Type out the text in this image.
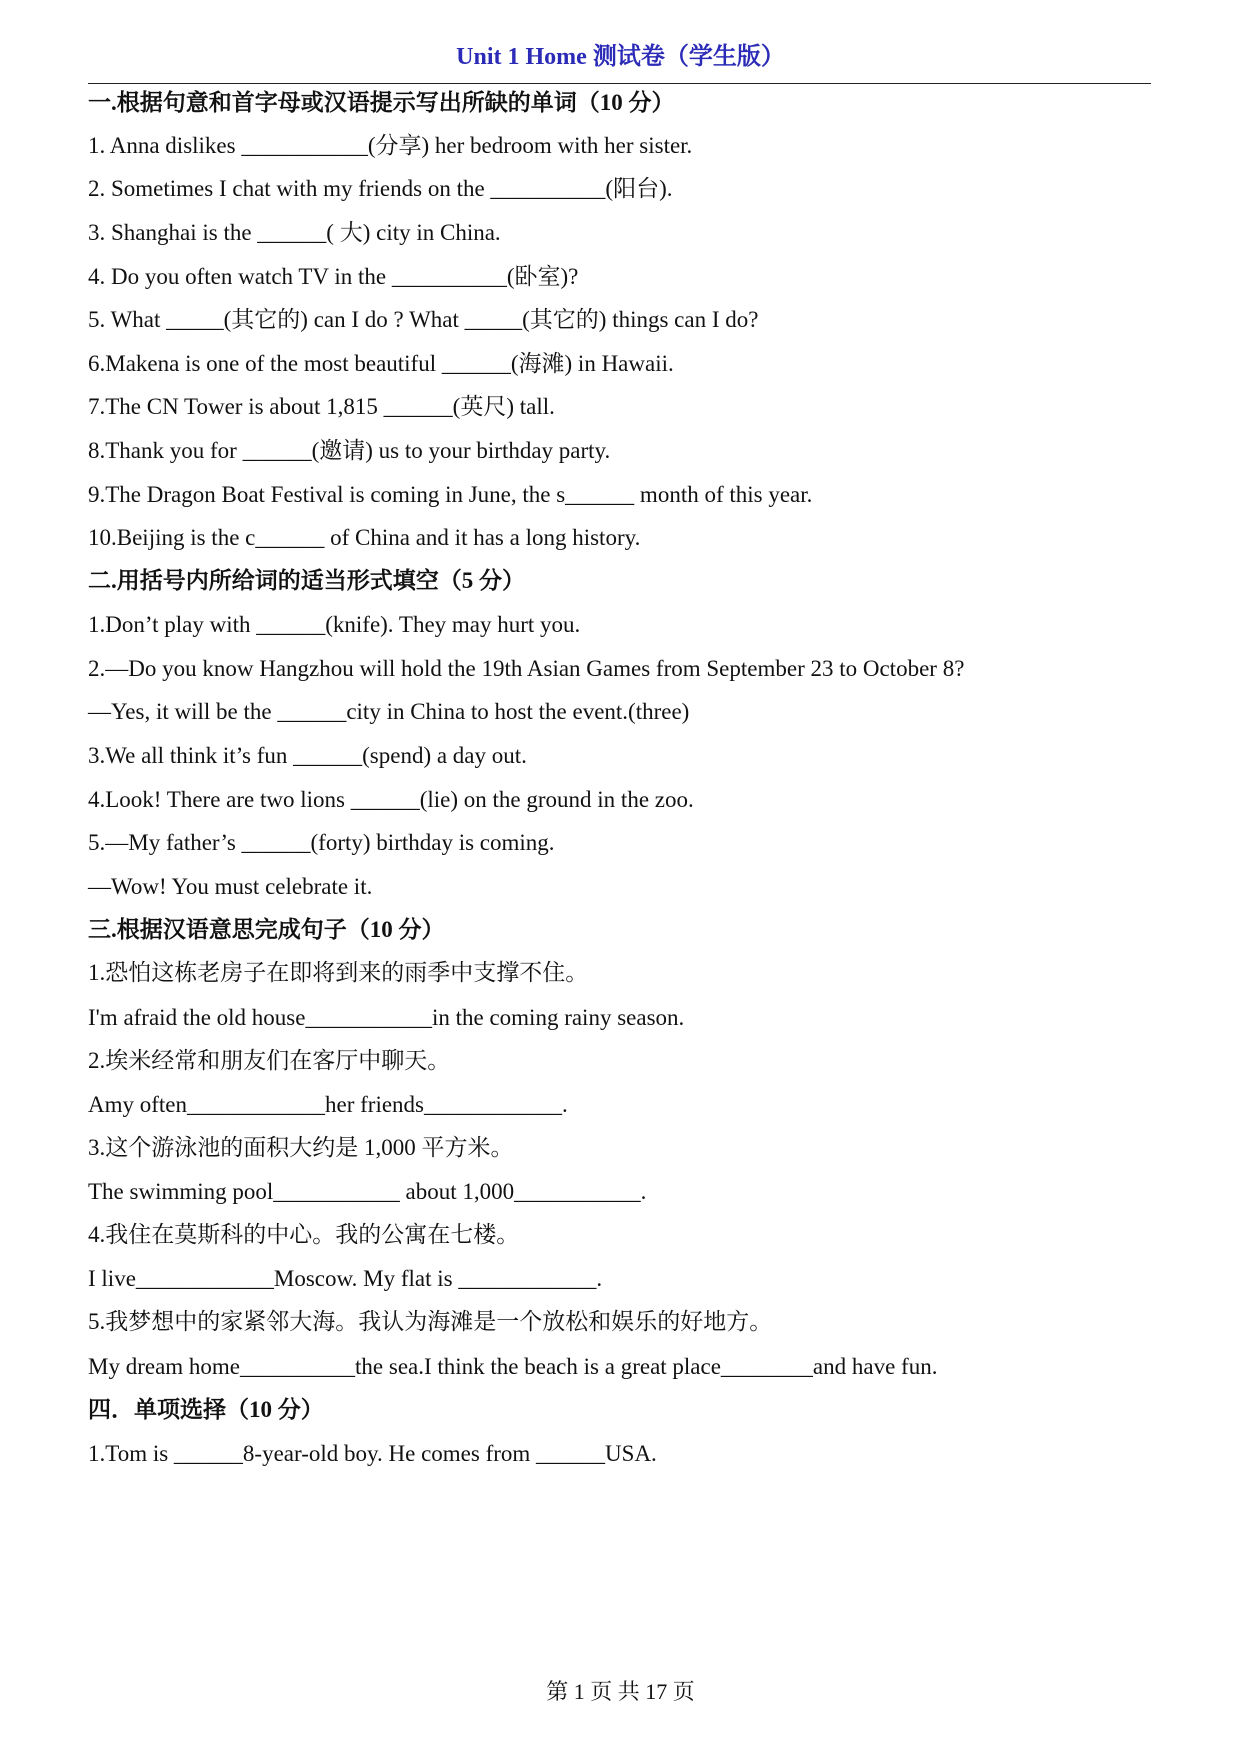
Unit 1 Home 测试卷（学生版）
一.根据句意和首字母或汉语提示写出所缺的单词（10 分）
1. Anna dislikes ___________(分享) her bedroom with her sister.
2. Sometimes I chat with my friends on the __________(阳台).
3. Shanghai is the ______( 大) city in China.
4. Do you often watch TV in the __________(卧室)?
5. What _____(其它的) can I do ? What _____(其它的) things can I do?
6.Makena is one of the most beautiful ______(海滩) in Hawaii.
7.The CN Tower is about 1,815 ______(英尺) tall.
8.Thank you for ______(邀请) us to your birthday party.
9.The Dragon Boat Festival is coming in June, the s______ month of this year.
10.Beijing is the c______ of China and it has a long history.
二.用括号内所给词的适当形式填空（5 分）
1.Don’t play with ______(knife). They may hurt you.
2.—Do you know Hangzhou will hold the 19th Asian Games from September 23 to October 8?
—Yes, it will be the ______city in China to host the event.(three)
3.We all think it’s fun ______(spend) a day out.
4.Look! There are two lions ______(lie) on the ground in the zoo.
5.—My father’s ______(forty) birthday is coming.
—Wow! You must celebrate it.
三.根据汉语意思完成句子（10 分）
1.恐怕这栋老房子在即将到来的雨季中支撑不住。
I'm afraid the old house___________in the coming rainy season.
2.埃米经常和朋友们在客厅中聊天。
Amy often____________her friends____________.
3.这个游泳池的面积大约是 1,000 平方米。
The swimming pool___________ about 1,000___________.
4.我住在莫斯科的中心。我的公寓在七楼。
I live____________Moscow. My flat is ____________.
5.我梦想中的家紧邻大海。我认为海滩是一个放松和娱乐的好地方。
My dream home__________the sea.I think the beach is a great place________and have fun.
四．单项选择（10 分）
1.Tom is ______8-year-old boy. He comes from ______USA.
第 1 页 共 17 页
